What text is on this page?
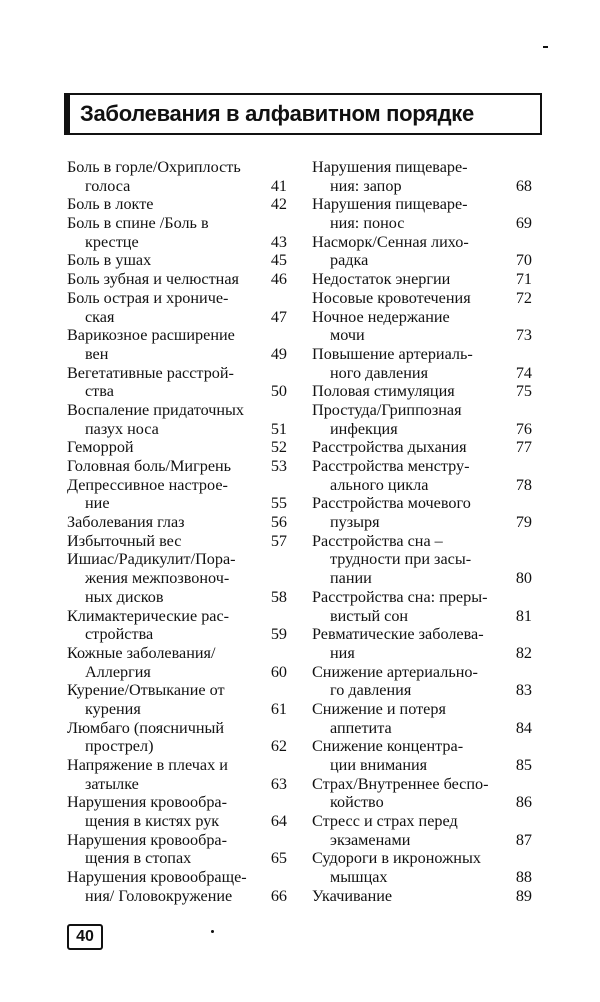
Заболевания в алфавитном порядке
Боль в горле/Охриплость
голоса	41
Боль в локте	42
Боль в спине /Боль в
крестце	43
Боль в ушах	45
Боль зубная и челюстная 46
Боль острая и хрониче-
ская	47
Варикозное расширение
вен	49
Вегетативные расстрой-
ства	50
Воспаление придаточных
пазух носа	51
Геморрой	52
Головная боль/Мигрень 53
Депрессивное настрое-
ние	55
Заболевания глаз	56
Избыточный вес	57
Ишиас/Радикулит/Пора-
жения межпозвоноч-
ных дисков	58
Климактерические рас-
стройства	59
Кожные заболевания/
Аллергия	60
Курение/Отвыкание от
курения	61
Люмбаго (поясничный
прострел)	62
Напряжение в плечах и
затылке	63
Нарушения кровообра-
щения в кистях рук	64
Нарушения кровообра-
щения в стопах	65
Нарушения кровообраще-
ния/ Головокружение 66
Нарушения пищеваре-
ния: запор	68
Нарушения пищеваре-
ния: понос	69
Насморк/Сенная лихо-
радка	70
Недостаток энергии	71
Носовые кровотечения	72
Ночное недержание
мочи	73
Повышение артериаль-
ного давления	74
Половая стимуляция	75
Простуда/Гриппозная
инфекция	76
Расстройства дыхания	77
Расстройства менстру-
ального цикла	78
Расстройства мочевого
пузыря	79
Расстройства сна –
трудности при засы-
пании	80
Расстройства сна: преры-
вистый сон	81
Ревматические заболева-
ния	82
Снижение артериально-
го давления	83
Снижение и потеря
аппетита	84
Снижение концентра-
ции внимания	85
Страх/Внутреннее беспо-
койство	86
Стресс и страх перед
экзаменами	87
Судороги в икроножных
мышцах	88
Укачивание	89
40
